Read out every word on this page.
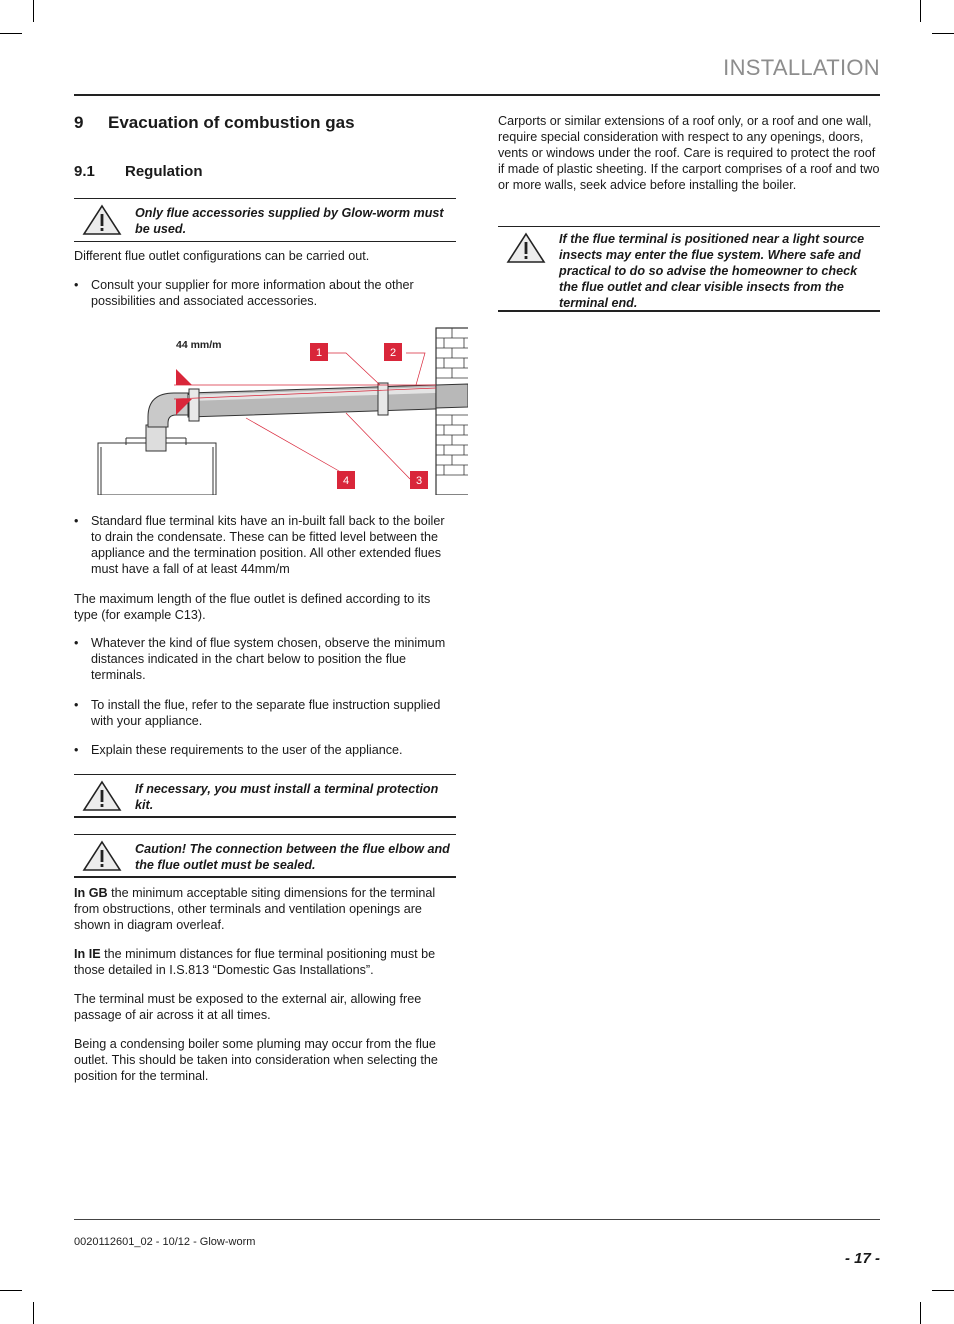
INSTALLATION
9 Evacuation of combustion gas
9.1 Regulation
Only flue accessories supplied by Glow-worm must be used.

Different flue outlet configurations can be carried out.

• Consult your supplier for more information about the other possibilities and associated accessories.
44 mm/m
1	2
3
4
• Standard flue terminal kits have an in-built fall back to the boiler to drain the condensate. These can be fitted level between the appliance and the termination position. All other extended flues must have a fall of at least 44mm/m

The maximum length of the flue outlet is defined according to its type (for example C13).

• Whatever the kind of flue system chosen, observe the minimum distances indicated in the chart below to position the flue terminals.
• To install the flue, refer to the separate flue instruction supplied with your appliance.
• Explain these requirements to the user of the appliance.
If necessary, you must install a terminal protection kit.
Caution! The connection between the flue elbow and the flue outlet must be sealed.

In GB the minimum acceptable siting dimensions for the terminal from obstructions, other terminals and ventilation openings are shown in diagram overleaf.

In IE the minimum distances for flue terminal positioning must be those detailed in I.S.813 “Domestic Gas Installations”.

The terminal must be exposed to the external air, allowing free passage of air across it at all times.

Being a condensing boiler some pluming may occur from the flue outlet. This should be taken into consideration when selecting the position for the terminal.

Carports or similar extensions of a roof only, or a roof and one wall, require special consideration with respect to any openings, doors, vents or windows under the roof. Care is required to protect the roof if made of plastic sheeting. If the carport comprises of a roof and two or more walls, seek advice before installing the boiler.

If the flue terminal is positioned near a light source insects may enter the flue system. Where safe and practical to do so advise the homeowner to check the flue outlet and clear visible insects from the terminal end.
0020112601_02 - 10/12 - Glow-worm
- 17 -
